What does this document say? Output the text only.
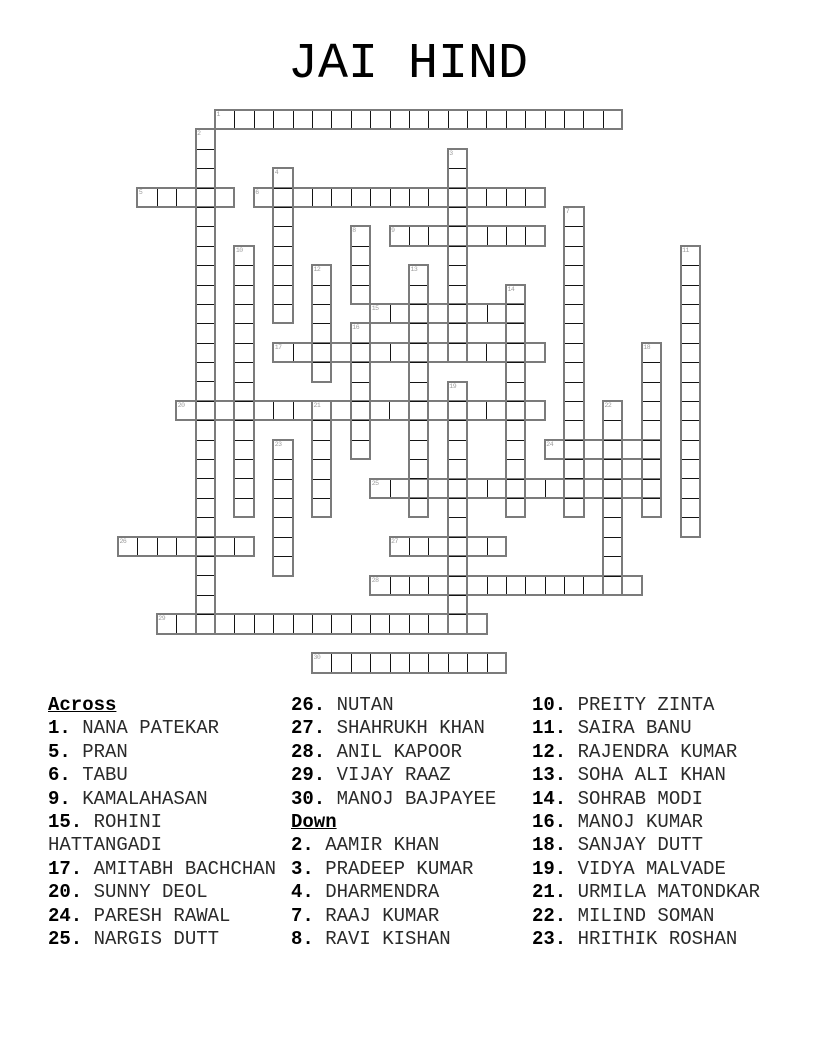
JAI HIND
1
5	6
9
15
17
20
24
25
26	27
28
29
30
2
3
4
7
8
10	11
12	13
14
16
18
19
21	22
23
Across
1. NANA PATEKAR
5. PRAN
6. TABU
9. KAMALAHASAN
15. ROHINI HATTANGADI
17. AMITABH BACHCHAN
20. SUNNY DEOL
24. PARESH RAWAL
25. NARGIS DUTT
26. NUTAN
27. SHAHRUKH KHAN
28. ANIL KAPOOR
29. VIJAY RAAZ
30. MANOJ BAJPAYEE
Down
2. AAMIR KHAN
3. PRADEEP KUMAR
4. DHARMENDRA
7. RAAJ KUMAR
8. RAVI KISHAN
10. PREITY ZINTA
11. SAIRA BANU
12. RAJENDRA KUMAR
13. SOHA ALI KHAN
14. SOHRAB MODI
16. MANOJ KUMAR
18. SANJAY DUTT
19. VIDYA MALVADE
21. URMILA MATONDKAR
22. MILIND SOMAN
23. HRITHIK ROSHAN
